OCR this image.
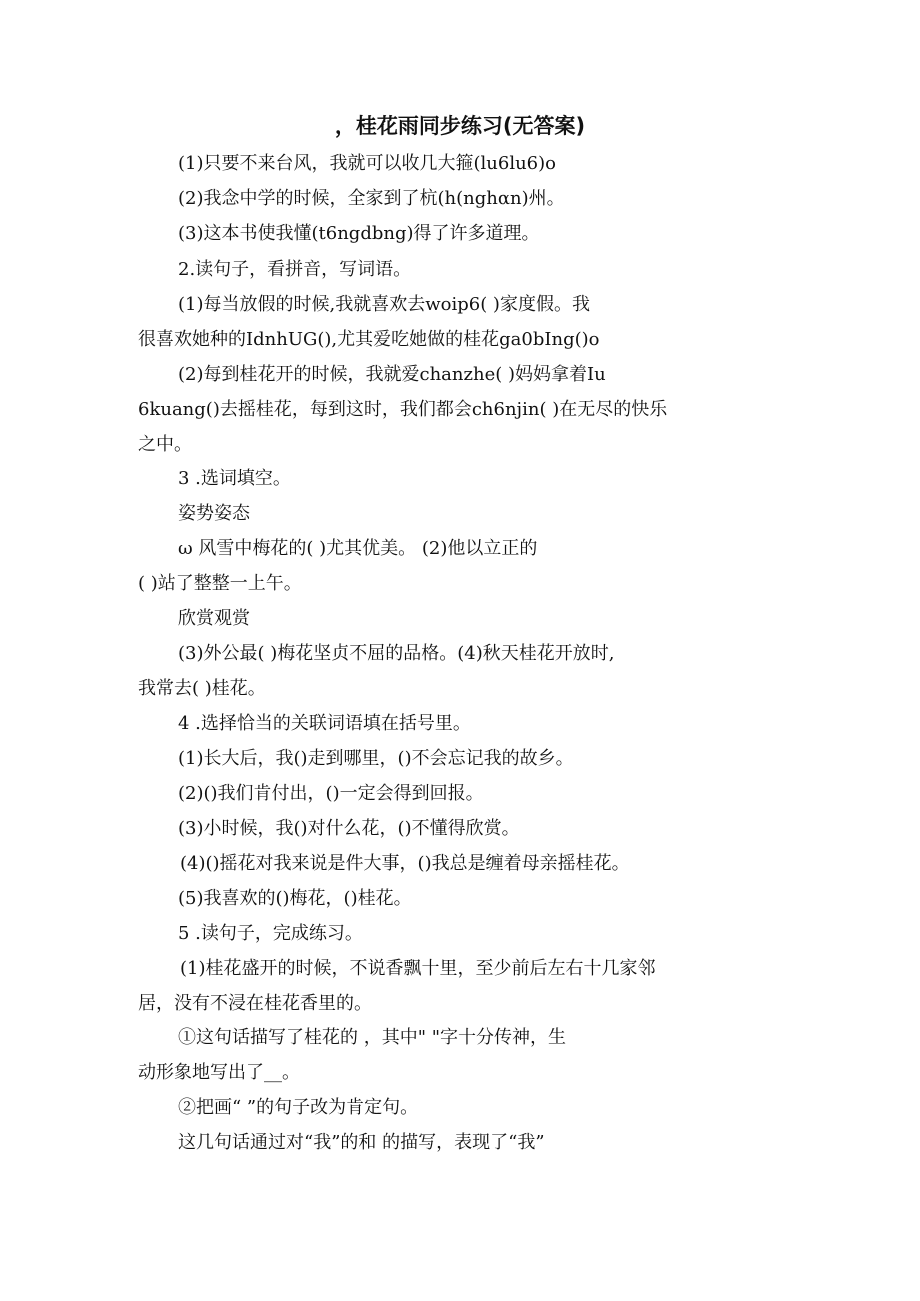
，桂花雨同步练习(无答案)
(1)只要不来台风，我就可以收几大箍(lu6lu6)o
(2)我念中学的时候，全家到了杭(h(nghαn)州。
(3)这本书使我懂(t6ngdbng)得了许多道理。
2.读句子，看拼音，写词语。
(1)每当放假的时候,我就喜欢去woip6( )家度假。我
很喜欢她种的IdnhUG(),尤其爱吃她做的桂花ga0bIng()o
(2)每到桂花开的时候，我就爱chanzhe( )妈妈拿着Iu
6kuang()去摇桂花，每到这时，我们都会ch6njin( )在无尽的快乐
之中。
3 .选词填空。
姿势姿态
ω 风雪中梅花的( )尤其优美。 (2)他以立正的
( )站了整整一上午。
欣赏观赏
(3)外公最( )梅花坚贞不屈的品格。(4)秋天桂花开放时,
我常去( )桂花。
4 .选择恰当的关联词语填在括号里。
(1)长大后，我()走到哪里，()不会忘记我的故乡。
(2)()我们肯付出，()一定会得到回报。
(3)小时候，我()对什么花，()不懂得欣赏。
(4)()摇花对我来说是件大事，()我总是缠着母亲摇桂花。
(5)我喜欢的()梅花，()桂花。
5 .读句子，完成练习。
(1)桂花盛开的时候，不说香飘十里，至少前后左右十几家邻
居，没有不浸在桂花香里的。
①这句话描写了桂花的 ，其中" "字十分传神，生
动形象地写出了__。
②把画“ ”的句子改为肯定句。
这几句话通过对“我”的和 的描写，表现了“我”
